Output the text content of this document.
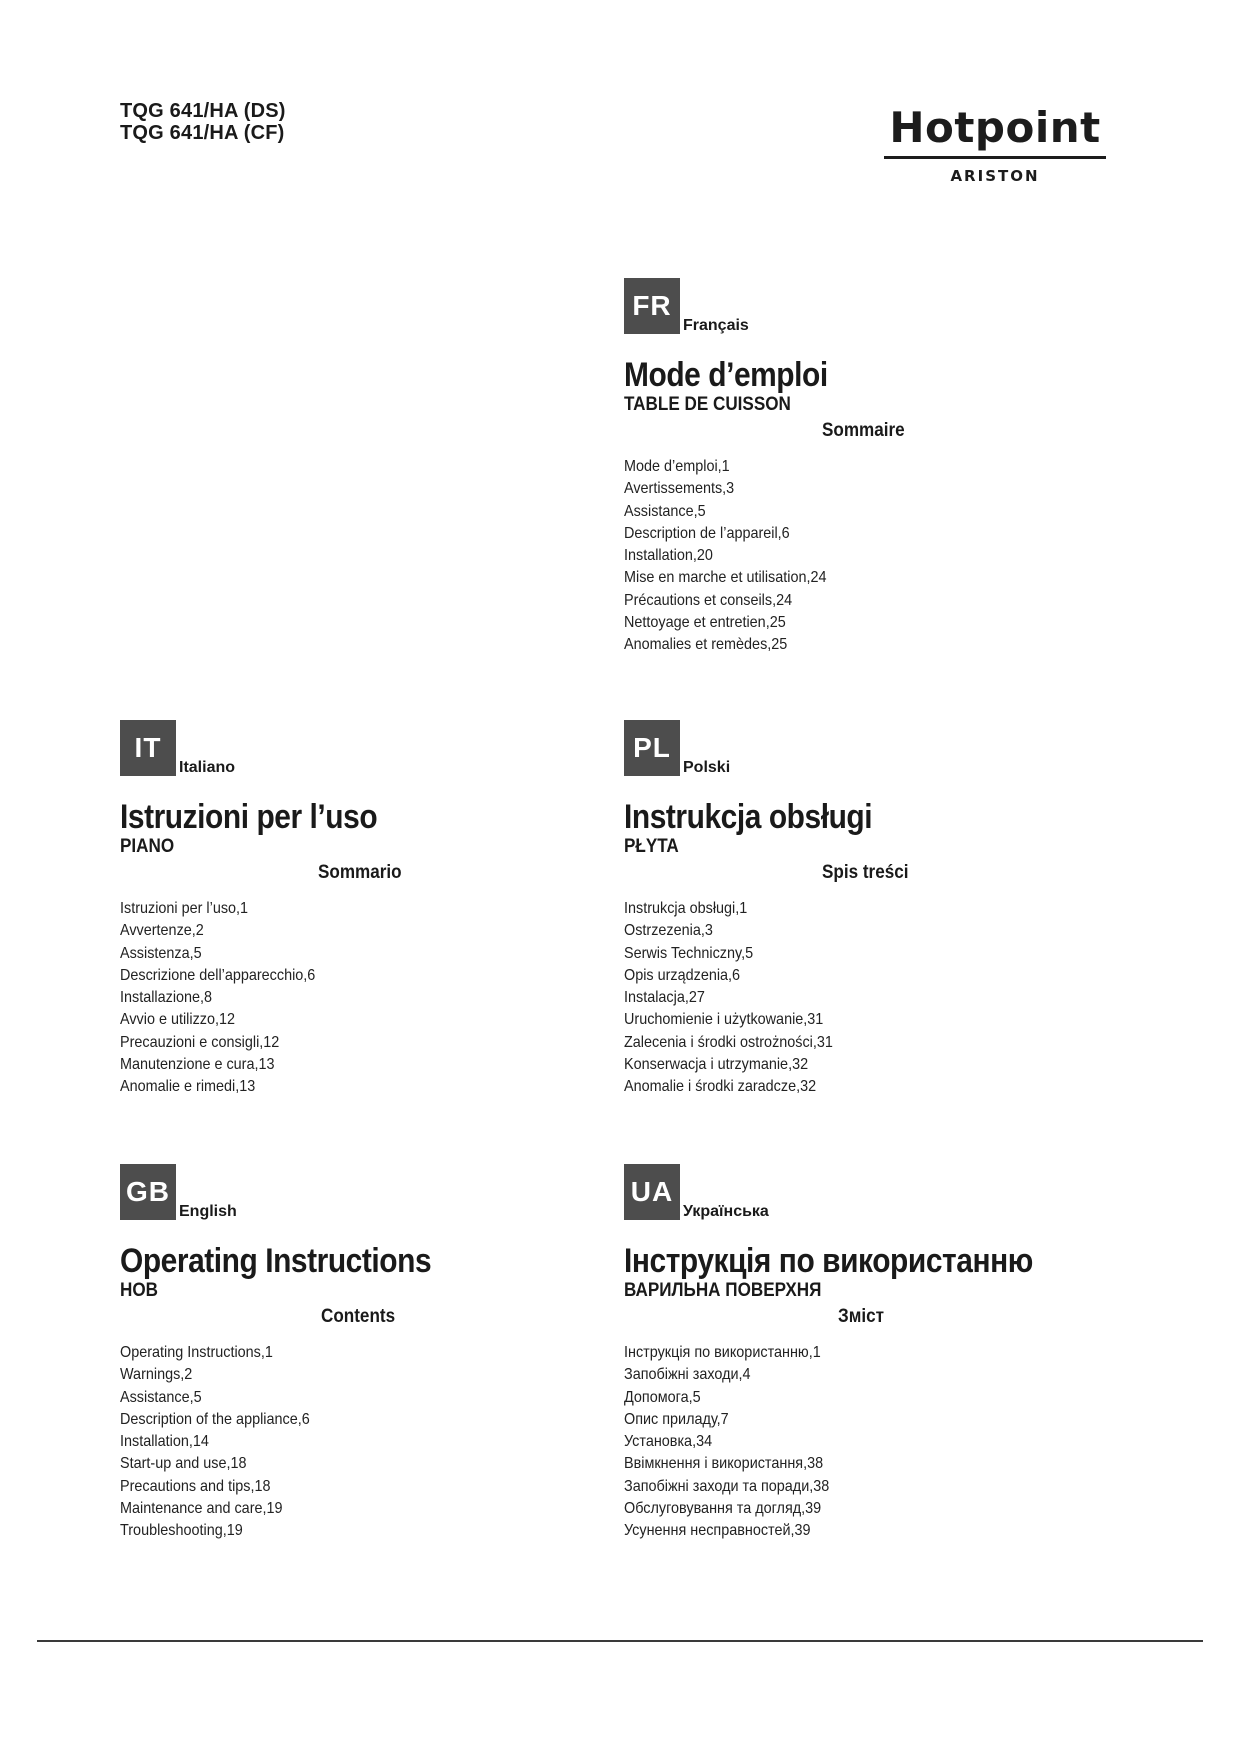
TQG 641/HA (DS)
TQG 641/HA (CF)	Hotpoint
ARISTON
FR
Français
Mode d’emploi
TABLE DE CUISSON
Sommaire
Mode d’emploi,1
Avertissements,3
Assistance,5
Description de l’appareil,6
Installation,20
Mise en marche et utilisation,24
Précautions et conseils,24
Nettoyage et entretien,25
Anomalies et remèdes,25
IT
Italiano
Istruzioni per l’uso
PIANO
Sommario
Istruzioni per l’uso,1
Avvertenze,2
Assistenza,5
Descrizione dell’apparecchio,6
Installazione,8
Avvio e utilizzo,12
Precauzioni e consigli,12
Manutenzione e cura,13
Anomalie e rimedi,13
PL
Polski
Instrukcja obsługi
PŁYTA
Spis treści
Instrukcja obsługi,1
Ostrzezenia,3
Serwis Techniczny,5
Opis urządzenia,6
Instalacja,27
Uruchomienie i użytkowanie,31
Zalecenia i środki ostrożności,31
Konserwacja i utrzymanie,32
Anomalie i środki zaradcze,32
GB
English
Operating Instructions
HOB
Contents
Operating Instructions,1
Warnings,2
Assistance,5
Description of the appliance,6
Installation,14
Start-up and use,18
Precautions and tips,18
Maintenance and care,19
Troubleshooting,19
UA
Українська
Інструкція по використанню
ВАРИЛЬНА ПОВЕРХНЯ
Зміст
Інструкція по використанню,1
Запобіжні заходи,4
Допомога,5
Опис приладу,7
Установка,34
Ввімкнення і використання,38
Запобіжні заходи та поради,38
Обслуговування та догляд,39
Усунення несправностей,39
